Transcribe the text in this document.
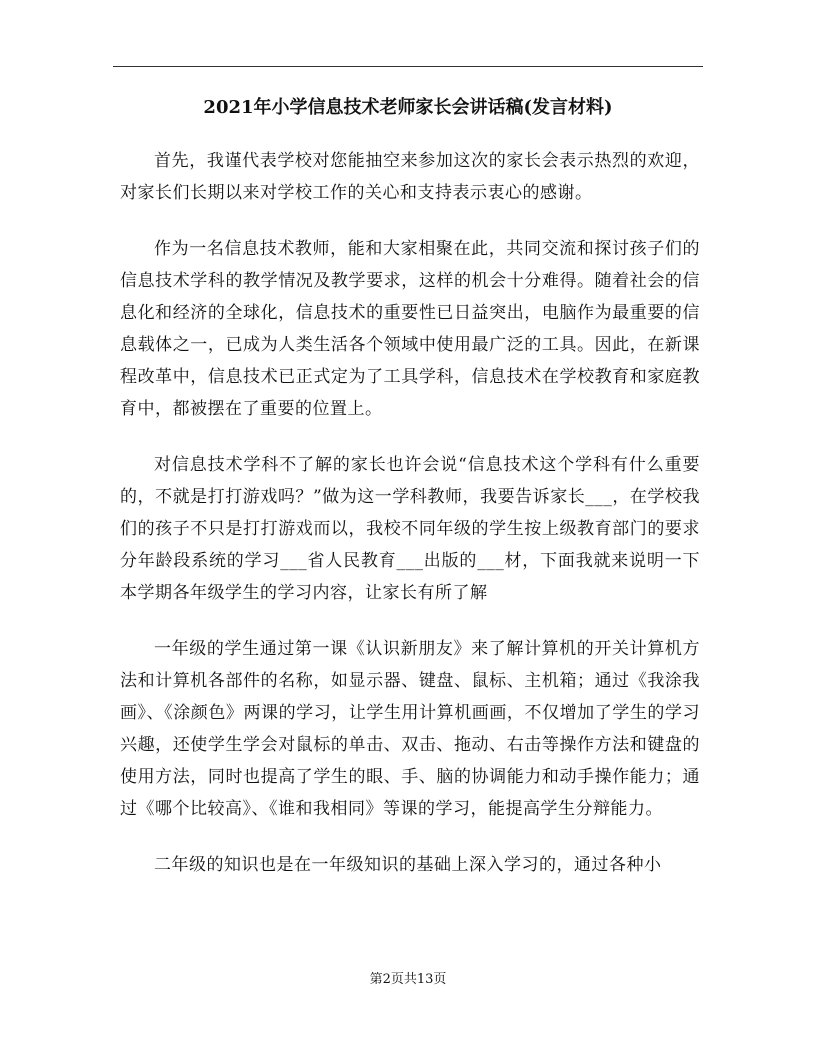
2021年小学信息技术老师家长会讲话稿(发言材料)

首先，我谨代表学校对您能抽空来参加这次的家长会表示热烈的欢迎，对家长们长期以来对学校工作的关心和支持表示衷心的感谢。

作为一名信息技术教师，能和大家相聚在此，共同交流和探讨孩子们的信息技术学科的教学情况及教学要求，这样的机会十分难得。随着社会的信息化和经济的全球化，信息技术的重要性已日益突出，电脑作为最重要的信息载体之一，已成为人类生活各个领域中使用最广泛的工具。因此，在新课程改革中，信息技术已正式定为了工具学科，信息技术在学校教育和家庭教育中，都被摆在了重要的位置上。

对信息技术学科不了解的家长也许会说“信息技术这个学科有什么重要的，不就是打打游戏吗？”做为这一学科教师，我要告诉家长___，在学校我们的孩子不只是打打游戏而以，我校不同年级的学生按上级教育部门的要求分年龄段系统的学习___省人民教育___出版的___材，下面我就来说明一下本学期各年级学生的学习内容，让家长有所了解

一年级的学生通过第一课《认识新朋友》来了解计算机的开关计算机方法和计算机各部件的名称，如显示器、键盘、鼠标、主机箱；通过《我涂我画》、《涂颜色》两课的学习，让学生用计算机画画，不仅增加了学生的学习兴趣，还使学生学会对鼠标的单击、双击、拖动、右击等操作方法和键盘的使用方法，同时也提高了学生的眼、手、脑的协调能力和动手操作能力；通过《哪个比较高》、《谁和我相同》等课的学习，能提高学生分辩能力。

二年级的知识也是在一年级知识的基础上深入学习的，通过各种小

第2页共13页
